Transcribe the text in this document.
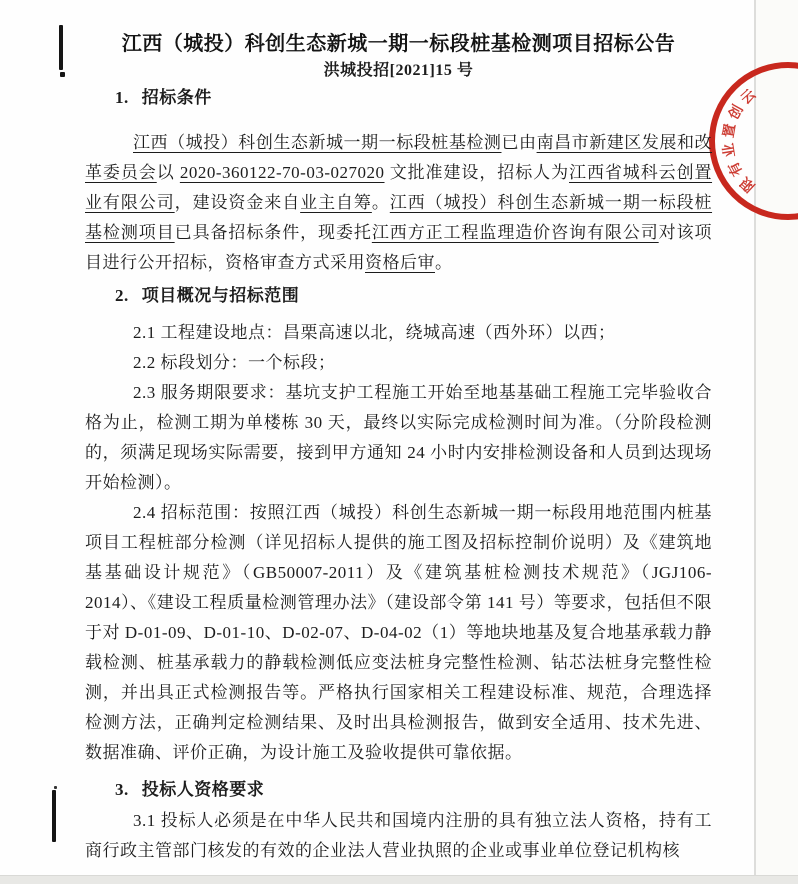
云
创
置
业
有
限
江西（城投）科创生态新城一期一标段桩基检测项目招标公告
洪城投招[2021]15 号
1. 招标条件
江西（城投）科创生态新城一期一标段桩基检测已由南昌市新建区发展和改革委员会以 2020-360122-70-03-027020 文批准建设，招标人为江西省城科云创置业有限公司，建设资金来自业主自筹。江西（城投）科创生态新城一期一标段桩基检测项目已具备招标条件，现委托江西方正工程监理造价咨询有限公司对该项目进行公开招标，资格审查方式采用资格后审。
2. 项目概况与招标范围
2.1 工程建设地点：昌栗高速以北，绕城高速（西外环）以西；
2.2 标段划分：一个标段；
2.3 服务期限要求：基坑支护工程施工开始至地基基础工程施工完毕验收合格为止，检测工期为单楼栋 30 天，最终以实际完成检测时间为准。（分阶段检测的，须满足现场实际需要，接到甲方通知 24 小时内安排检测设备和人员到达现场开始检测）。
2.4 招标范围：按照江西（城投）科创生态新城一期一标段用地范围内桩基项目工程桩部分检测（详见招标人提供的施工图及招标控制价说明）及《建筑地基基础设计规范》（GB50007-2011）及《建筑基桩检测技术规范》（JGJ106-2014）、《建设工程质量检测管理办法》（建设部令第 141 号）等要求，包括但不限于对 D-01-09、D-01-10、D-02-07、D-04-02（1）等地块地基及复合地基承载力静载检测、桩基承载力的静载检测低应变法桩身完整性检测、钻芯法桩身完整性检测，并出具正式检测报告等。严格执行国家相关工程建设标准、规范，合理选择检测方法，正确判定检测结果、及时出具检测报告，做到安全适用、技术先进、数据准确、评价正确，为设计施工及验收提供可靠依据。
3. 投标人资格要求
3.1 投标人必须是在中华人民共和国境内注册的具有独立法人资格，持有工商行政主管部门核发的有效的企业法人营业执照的企业或事业单位登记机构核
